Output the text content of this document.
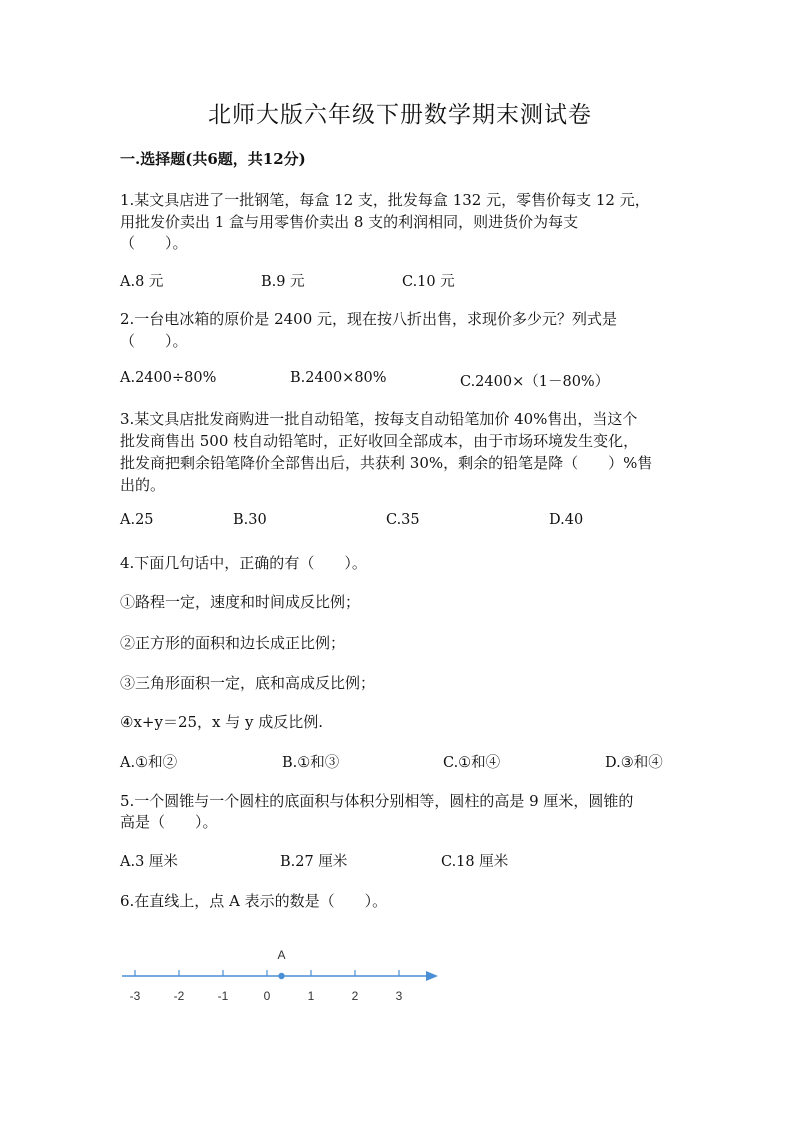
北师大版六年级下册数学期末测试卷
一.选择题(共6题，共12分)
1.某文具店进了一批钢笔，每盒 12 支，批发每盒 132 元，零售价每支 12 元，
用批发价卖出 1 盒与用零售价卖出 8 支的利润相同，则进货价为每支
（　　）。
A.8 元	B.9 元	C.10 元
2.一台电冰箱的原价是 2400 元，现在按八折出售，求现价多少元？列式是
（　　）。
A.2400÷80%	B.2400×80%	C.2400×（1－80%）
3.某文具店批发商购进一批自动铅笔，按每支自动铅笔加价 40%售出，当这个
批发商售出 500 枝自动铅笔时，正好收回全部成本，由于市场环境发生变化，
批发商把剩余铅笔降价全部售出后，共获利 30%，剩余的铅笔是降（　　）%售
出的。
A.25	B.30	C.35	D.40
4.下面几句话中，正确的有（　　）。
①路程一定，速度和时间成反比例；
②正方形的面积和边长成正比例；
③三角形面积一定，底和高成反比例；
④x+y＝25，x 与 y 成反比例.
A.①和②	B.①和③	C.①和④	D.③和④
5.一个圆锥与一个圆柱的底面积与体积分别相等，圆柱的高是 9 厘米，圆锥的
高是（　　）。
A.3 厘米	B.27 厘米	C.18 厘米
6.在直线上，点 A 表示的数是（　　）。
-3	-2	-1	0	1	2	3
A
